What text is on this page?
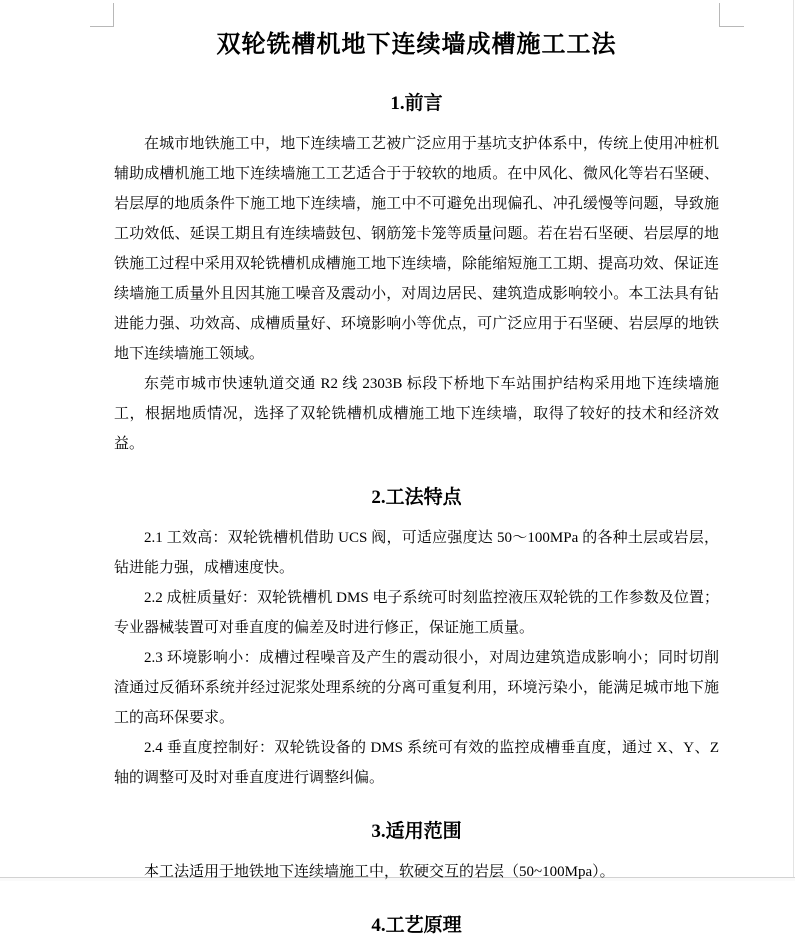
双轮铣槽机地下连续墙成槽施工工法
1.前言

在城市地铁施工中，地下连续墙工艺被广泛应用于基坑支护体系中，传统上使用冲桩机辅助成槽机施工地下连续墙施工工艺适合于于较软的地质。在中风化、微风化等岩石坚硬、岩层厚的地质条件下施工地下连续墙，施工中不可避免出现偏孔、冲孔缓慢等问题，导致施工功效低、延误工期且有连续墙鼓包、钢筋笼卡笼等质量问题。若在岩石坚硬、岩层厚的地铁施工过程中采用双轮铣槽机成槽施工地下连续墙，除能缩短施工工期、提高功效、保证连续墙施工质量外且因其施工噪音及震动小，对周边居民、建筑造成影响较小。本工法具有钻进能力强、功效高、成槽质量好、环境影响小等优点，可广泛应用于石坚硬、岩层厚的地铁地下连续墙施工领域。

东莞市城市快速轨道交通 R2 线 2303B 标段下桥地下车站围护结构采用地下连续墙施工，根据地质情况，选择了双轮铣槽机成槽施工地下连续墙，取得了较好的技术和经济效益。

2.工法特点

2.1 工效高：双轮铣槽机借助 UCS 阀，可适应强度达 50～100MPa 的各种土层或岩层，钻进能力强，成槽速度快。

2.2 成桩质量好：双轮铣槽机 DMS 电子系统可时刻监控液压双轮铣的工作参数及位置；专业器械装置可对垂直度的偏差及时进行修正，保证施工质量。

2.3 环境影响小：成槽过程噪音及产生的震动很小，对周边建筑造成影响小；同时切削渣通过反循环系统并经过泥浆处理系统的分离可重复利用，环境污染小，能满足城市地下施工的高环保要求。

2.4 垂直度控制好：双轮铣设备的 DMS 系统可有效的监控成槽垂直度，通过 X、Y、Z 轴的调整可及时对垂直度进行调整纠偏。

3.适用范围

本工法适用于地铁地下连续墙施工中，软硬交互的岩层（50~100Mpa）。

4.工艺原理
